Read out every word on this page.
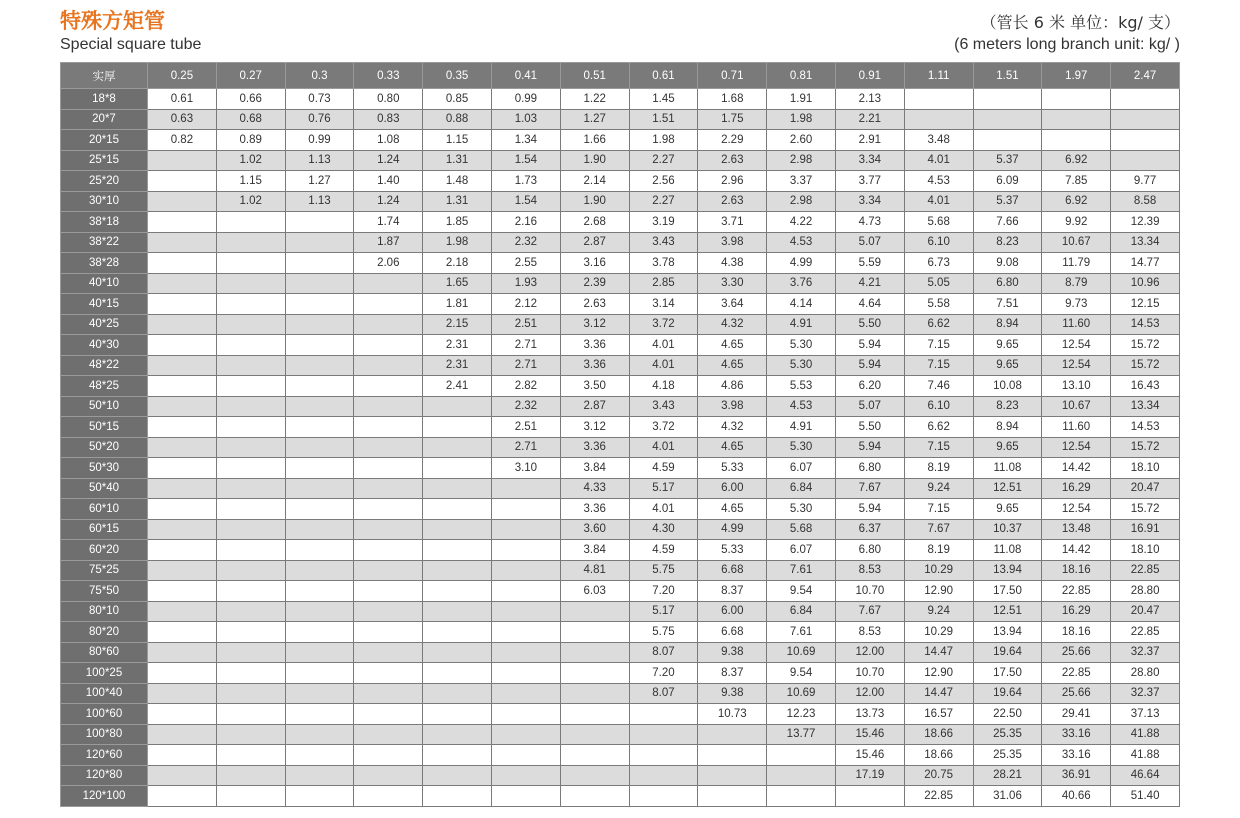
特殊方矩管
Special square tube
（管长 6 米 单位：kg/ 支）
(6 meters long branch unit: kg/ )
实厚	0.25	0.27	0.3	0.33	0.35	0.41	0.51	0.61	0.71	0.81	0.91	1.11	1.51	1.97	2.47
18*8	0.61	0.66	0.73	0.80	0.85	0.99	1.22	1.45	1.68	1.91	2.13				
20*7	0.63	0.68	0.76	0.83	0.88	1.03	1.27	1.51	1.75	1.98	2.21				
20*15	0.82	0.89	0.99	1.08	1.15	1.34	1.66	1.98	2.29	2.60	2.91	3.48			
25*15		1.02	1.13	1.24	1.31	1.54	1.90	2.27	2.63	2.98	3.34	4.01	5.37	6.92	
25*20		1.15	1.27	1.40	1.48	1.73	2.14	2.56	2.96	3.37	3.77	4.53	6.09	7.85	9.77
30*10		1.02	1.13	1.24	1.31	1.54	1.90	2.27	2.63	2.98	3.34	4.01	5.37	6.92	8.58
38*18				1.74	1.85	2.16	2.68	3.19	3.71	4.22	4.73	5.68	7.66	9.92	12.39
38*22				1.87	1.98	2.32	2.87	3.43	3.98	4.53	5.07	6.10	8.23	10.67	13.34
38*28				2.06	2.18	2.55	3.16	3.78	4.38	4.99	5.59	6.73	9.08	11.79	14.77
40*10					1.65	1.93	2.39	2.85	3.30	3.76	4.21	5.05	6.80	8.79	10.96
40*15					1.81	2.12	2.63	3.14	3.64	4.14	4.64	5.58	7.51	9.73	12.15
40*25					2.15	2.51	3.12	3.72	4.32	4.91	5.50	6.62	8.94	11.60	14.53
40*30					2.31	2.71	3.36	4.01	4.65	5.30	5.94	7.15	9.65	12.54	15.72
48*22					2.31	2.71	3.36	4.01	4.65	5.30	5.94	7.15	9.65	12.54	15.72
48*25					2.41	2.82	3.50	4.18	4.86	5.53	6.20	7.46	10.08	13.10	16.43
50*10						2.32	2.87	3.43	3.98	4.53	5.07	6.10	8.23	10.67	13.34
50*15						2.51	3.12	3.72	4.32	4.91	5.50	6.62	8.94	11.60	14.53
50*20						2.71	3.36	4.01	4.65	5.30	5.94	7.15	9.65	12.54	15.72
50*30						3.10	3.84	4.59	5.33	6.07	6.80	8.19	11.08	14.42	18.10
50*40							4.33	5.17	6.00	6.84	7.67	9.24	12.51	16.29	20.47
60*10							3.36	4.01	4.65	5.30	5.94	7.15	9.65	12.54	15.72
60*15							3.60	4.30	4.99	5.68	6.37	7.67	10.37	13.48	16.91
60*20							3.84	4.59	5.33	6.07	6.80	8.19	11.08	14.42	18.10
75*25							4.81	5.75	6.68	7.61	8.53	10.29	13.94	18.16	22.85
75*50							6.03	7.20	8.37	9.54	10.70	12.90	17.50	22.85	28.80
80*10								5.17	6.00	6.84	7.67	9.24	12.51	16.29	20.47
80*20								5.75	6.68	7.61	8.53	10.29	13.94	18.16	22.85
80*60								8.07	9.38	10.69	12.00	14.47	19.64	25.66	32.37
100*25								7.20	8.37	9.54	10.70	12.90	17.50	22.85	28.80
100*40								8.07	9.38	10.69	12.00	14.47	19.64	25.66	32.37
100*60									10.73	12.23	13.73	16.57	22.50	29.41	37.13
100*80										13.77	15.46	18.66	25.35	33.16	41.88
120*60											15.46	18.66	25.35	33.16	41.88
120*80											17.19	20.75	28.21	36.91	46.64
120*100												22.85	31.06	40.66	51.40
